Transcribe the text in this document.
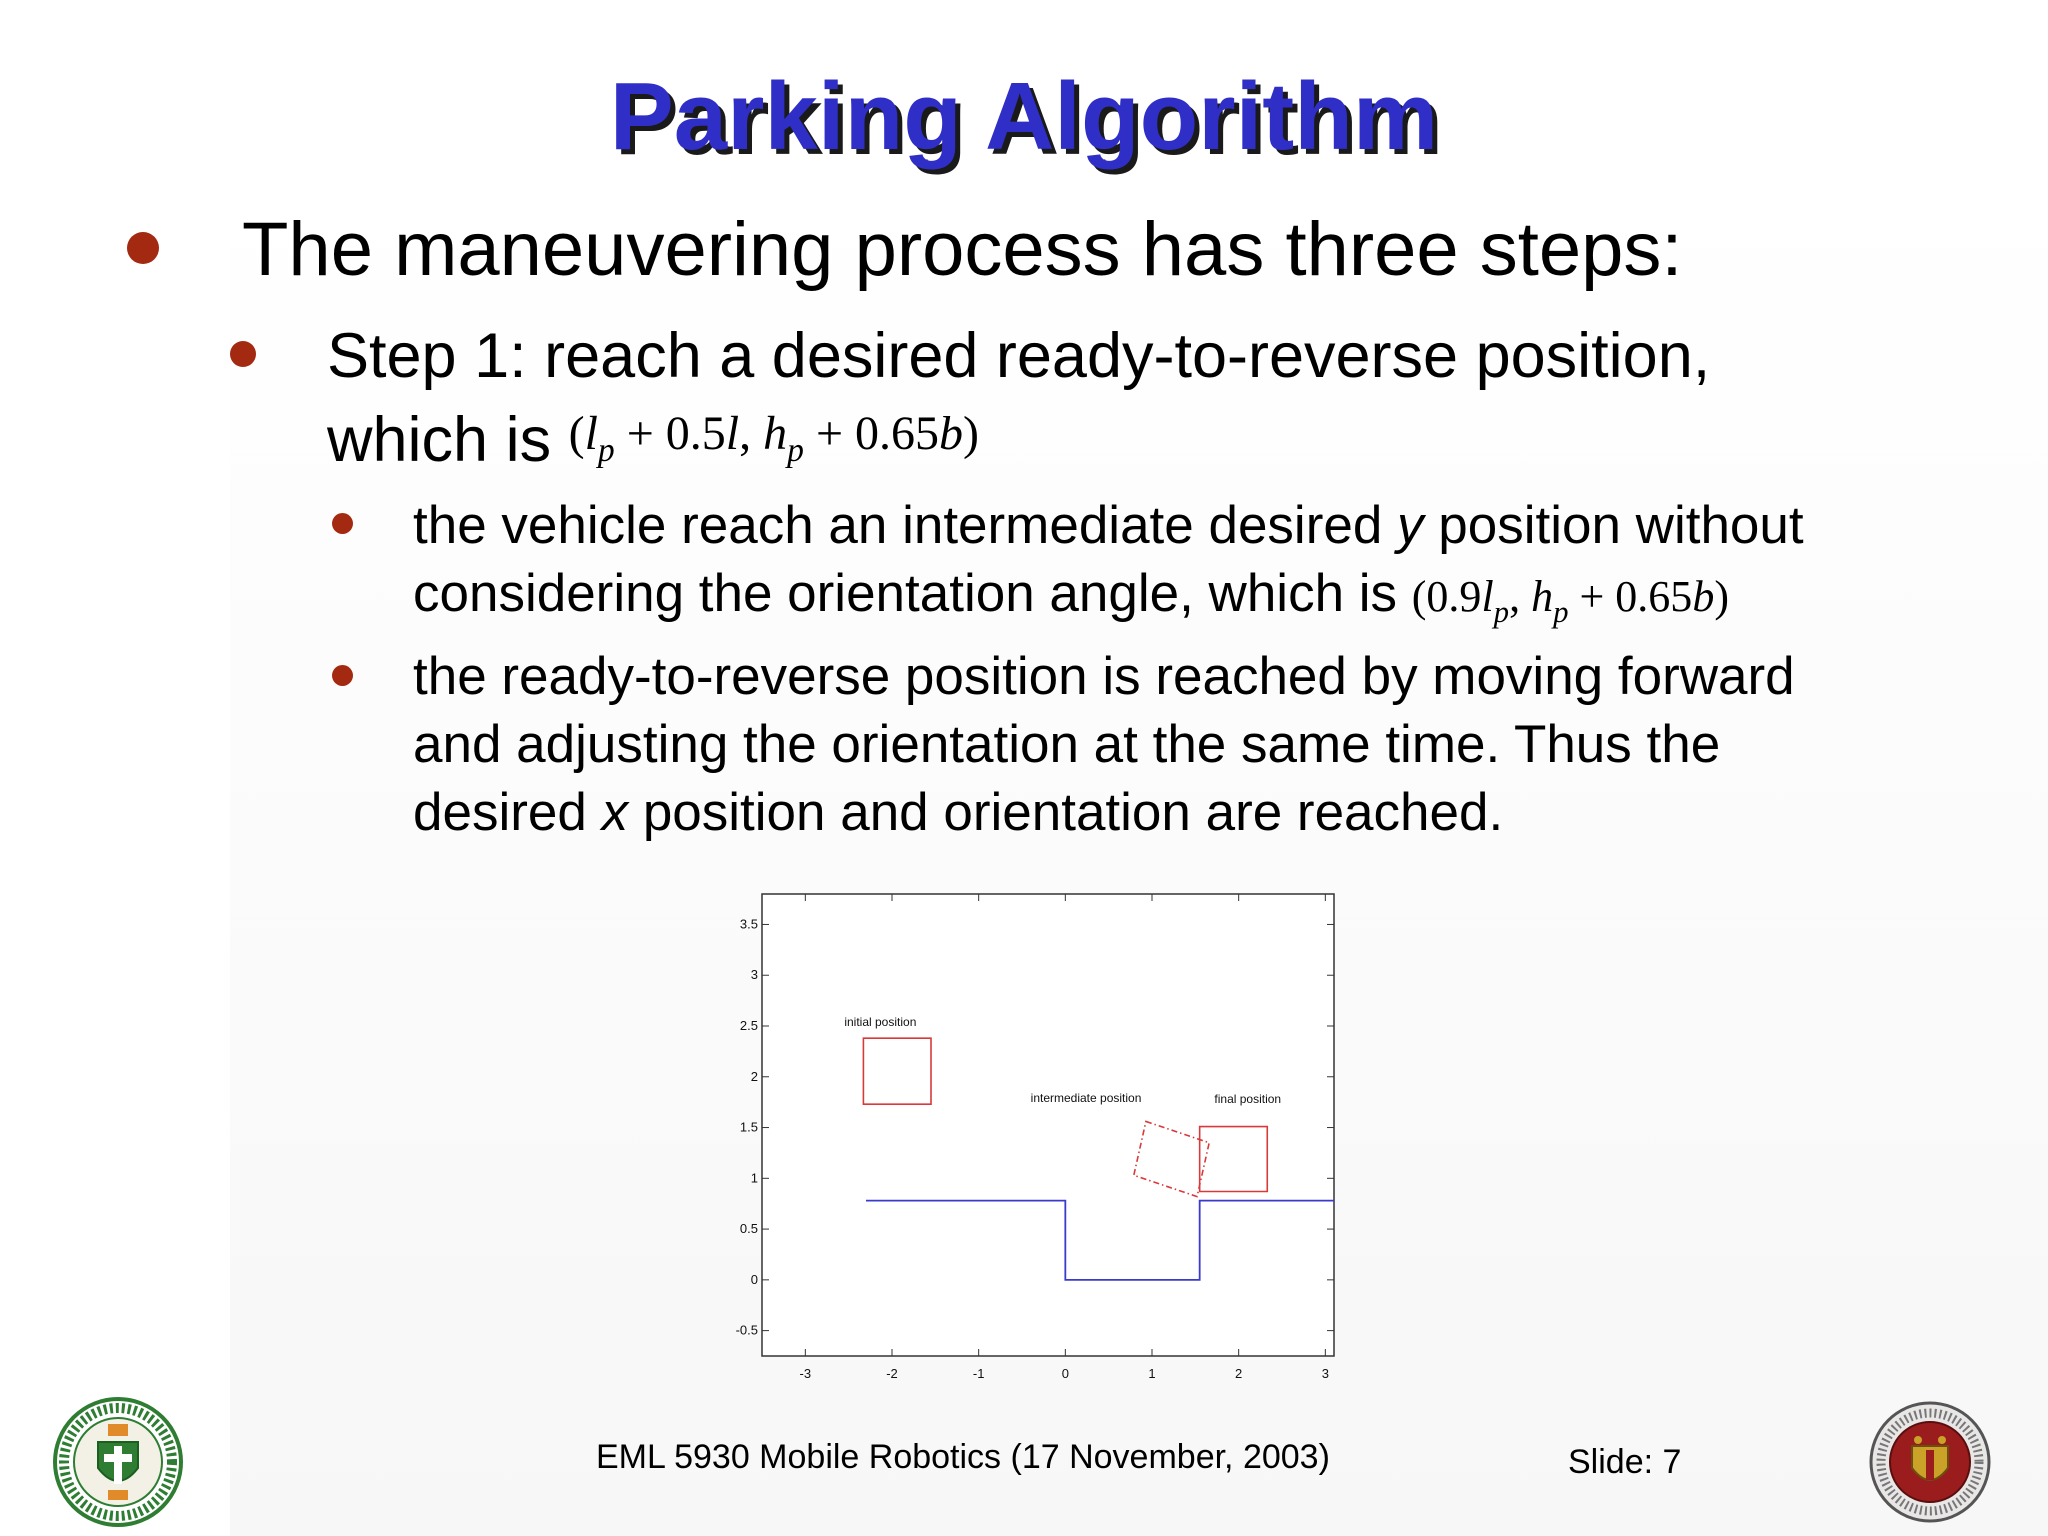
Parking Algorithm
The maneuvering process has three steps:
Step 1: reach a desired ready-to-reverse position,
which is ($l_p + 0.5l$, $h_p + 0.65b$)
the vehicle reach an intermediate desired y position without
considering the orientation angle, which is ($0.9l_p$, $h_p + 0.65b$)
the ready-to-reverse position is reached by moving forward
and adjusting the orientation at the same time. Thus the
desired x position and orientation are reached.
-3	-2	-1	0	1	2	3
-0.5
0
0.5
1
1.5
2
2.5
3
3.5
initial position
intermediate position	final position
EML 5930 Mobile Robotics (17 November, 2003)	Slide: 7
